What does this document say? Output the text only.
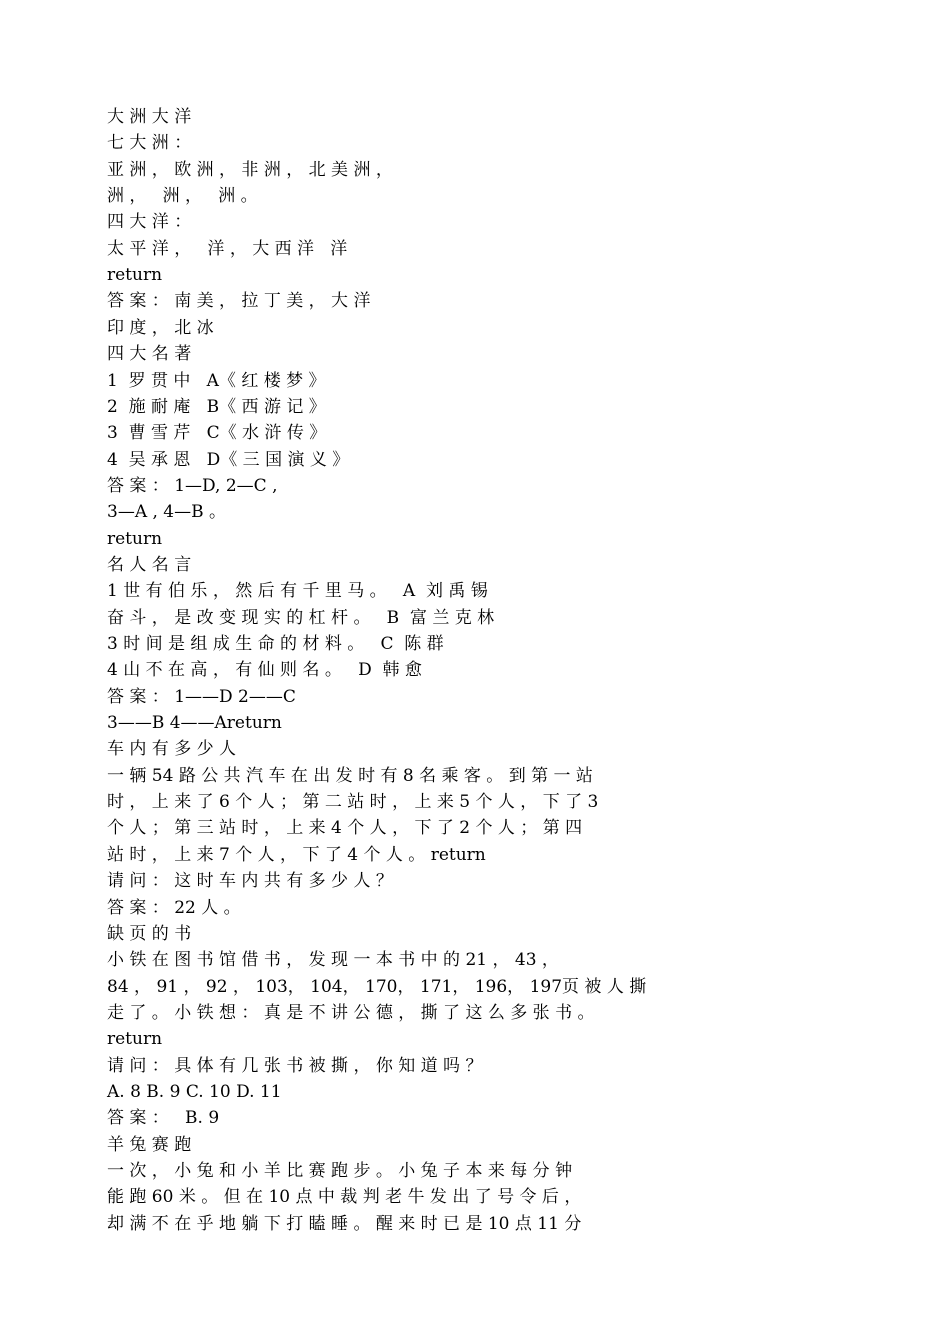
大 洲 大 洋
七 大 洲 ：
亚 洲 ， 欧 洲 ， 非 洲 ， 北 美 洲 ，
洲 ，   洲 ，   洲 。
四 大 洋 ：
太 平 洋 ，   洋 ， 大 西 洋   洋
return
答 案 ： 南 美 ， 拉 丁 美 ， 大 洋
印 度 ， 北 冰
四 大 名 著
1  罗 贯 中   A《 红 楼 梦 》
2  施 耐 庵   B《 西 游 记 》
3  曹 雪 芹   C《 水 浒 传 》
4  吴 承 恩   D《 三 国 演 义 》
答 案 ： 1—D, 2—C ,
3—A , 4—B 。
return
名 人 名 言
1 世 有 伯 乐 ， 然 后 有 千 里 马 。   A  刘 禹 锡
奋 斗 ， 是 改 变 现 实 的 杠 杆 。   B  富 兰 克 林
3 时 间 是 组 成 生 命 的 材 料 。   C  陈 群
4 山 不 在 高 ， 有 仙 则 名 。   D  韩 愈
答 案 ： 1——D 2——C
3——B 4——Areturn
车 内 有 多 少 人
一 辆 54 路 公 共 汽 车 在 出 发 时 有 8 名 乘 客 。 到 第 一 站
时 ， 上 来 了 6 个 人 ； 第 二 站 时 ， 上 来 5 个 人 ， 下 了 3
个 人 ； 第 三 站 时 ， 上 来 4 个 人 ， 下 了 2 个 人 ； 第 四
站 时 ， 上 来 7 个 人 ， 下 了 4 个 人 。 return
请 问 ： 这 时 车 内 共 有 多 少 人 ？
答 案 ： 22 人 。
缺 页 的 书
小 铁 在 图 书 馆 借 书 ， 发 现 一 本 书 中 的 21 ， 43 ，
84 ， 91 ， 92 ， 103， 104， 170， 171， 196， 197页 被 人 撕
走 了 。 小 铁 想 ： 真 是 不 讲 公 德 ， 撕 了 这 么 多 张 书 。
return
请 问 ： 具 体 有 几 张 书 被 撕 ， 你 知 道 吗 ？
A. 8 B. 9 C. 10 D. 11
答 案 ：   B. 9
羊 兔 赛 跑
一 次 ， 小 兔 和 小 羊 比 赛 跑 步 。 小 兔 子 本 来 每 分 钟
能 跑 60 米 。 但 在 10 点 中 裁 判 老 牛 发 出 了 号 令 后 ，
却 满 不 在 乎 地 躺 下 打 瞌 睡 。 醒 来 时 已 是 10 点 11 分
